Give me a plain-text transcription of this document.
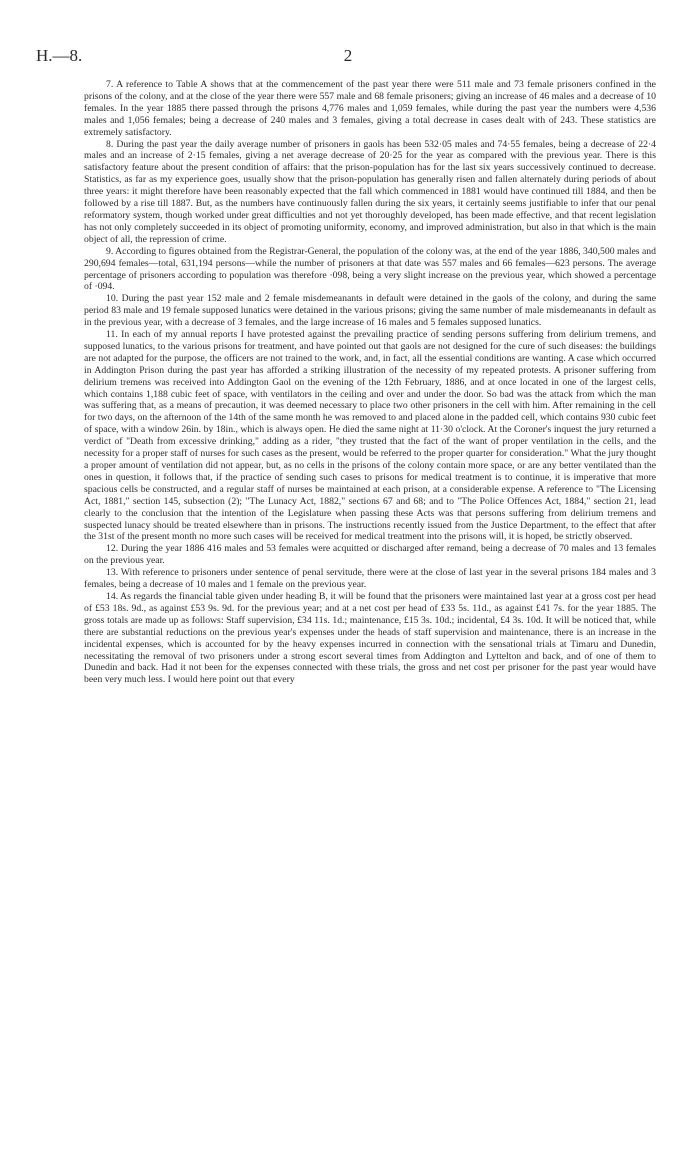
H.—8.	2

7. A reference to Table A shows that at the commencement of the past year there were 511 male and 73 female prisoners confined in the prisons of the colony, and at the close of the year there were 557 male and 68 female prisoners; giving an increase of 46 males and a decrease of 10 females. In the year 1885 there passed through the prisons 4,776 males and 1,059 females, while during the past year the numbers were 4,536 males and 1,056 females; being a decrease of 240 males and 3 females, giving a total decrease in cases dealt with of 243. These statistics are extremely satisfactory.

8. During the past year the daily average number of prisoners in gaols has been 532·05 males and 74·55 females, being a decrease of 22·4 males and an increase of 2·15 females, giving a net average decrease of 20·25 for the year as compared with the previous year. There is this satisfactory feature about the present condition of affairs: that the prison-population has for the last six years successively continued to decrease. Statistics, as far as my experience goes, usually show that the prison-population has generally risen and fallen alternately during periods of about three years: it might therefore have been reasonably expected that the fall which commenced in 1881 would have continued till 1884, and then be followed by a rise till 1887. But, as the numbers have continuously fallen during the six years, it certainly seems justifiable to infer that our penal reformatory system, though worked under great difficulties and not yet thoroughly developed, has been made effective, and that recent legislation has not only completely succeeded in its object of promoting uniformity, economy, and improved administration, but also in that which is the main object of all, the repression of crime.

9. According to figures obtained from the Registrar-General, the population of the colony was, at the end of the year 1886, 340,500 males and 290,694 females—total, 631,194 persons—while the number of prisoners at that date was 557 males and 66 females—623 persons. The average percentage of prisoners according to population was therefore ·098, being a very slight increase on the previous year, which showed a percentage of ·094.

10. During the past year 152 male and 2 female misdemeanants in default were detained in the gaols of the colony, and during the same period 83 male and 19 female supposed lunatics were detained in the various prisons; giving the same number of male misdemeanants in default as in the previous year, with a decrease of 3 females, and the large increase of 16 males and 5 females supposed lunatics.

11. In each of my annual reports I have protested against the prevailing practice of sending persons suffering from delirium tremens, and supposed lunatics, to the various prisons for treatment, and have pointed out that gaols are not designed for the cure of such diseases: the buildings are not adapted for the purpose, the officers are not trained to the work, and, in fact, all the essential conditions are wanting. A case which occurred in Addington Prison during the past year has afforded a striking illustration of the necessity of my repeated protests. A prisoner suffering from delirium tremens was received into Addington Gaol on the evening of the 12th February, 1886, and at once located in one of the largest cells, which contains 1,188 cubic feet of space, with ventilators in the ceiling and over and under the door. So bad was the attack from which the man was suffering that, as a means of precaution, it was deemed necessary to place two other prisoners in the cell with him. After remaining in the cell for two days, on the afternoon of the 14th of the same month he was removed to and placed alone in the padded cell, which contains 930 cubic feet of space, with a window 26in. by 18in., which is always open. He died the same night at 11·30 o'clock. At the Coroner's inquest the jury returned a verdict of "Death from excessive drinking," adding as a rider, "they trusted that the fact of the want of proper ventilation in the cells, and the necessity for a proper staff of nurses for such cases as the present, would be referred to the proper quarter for consideration." What the jury thought a proper amount of ventilation did not appear, but, as no cells in the prisons of the colony contain more space, or are any better ventilated than the ones in question, it follows that, if the practice of sending such cases to prisons for medical treatment is to continue, it is imperative that more spacious cells be constructed, and a regular staff of nurses be maintained at each prison, at a considerable expense. A reference to "The Licensing Act, 1881," section 145, subsection (2); "The Lunacy Act, 1882," sections 67 and 68; and to "The Police Offences Act, 1884," section 21, lead clearly to the conclusion that the intention of the Legislature when passing these Acts was that persons suffering from delirium tremens and suspected lunacy should be treated elsewhere than in prisons. The instructions recently issued from the Justice Department, to the effect that after the 31st of the present month no more such cases will be received for medical treatment into the prisons will, it is hoped, be strictly observed.

12. During the year 1886 416 males and 53 females were acquitted or discharged after remand, being a decrease of 70 males and 13 females on the previous year.

13. With reference to prisoners under sentence of penal servitude, there were at the close of last year in the several prisons 184 males and 3 females, being a decrease of 10 males and 1 female on the previous year.

14. As regards the financial table given under heading B, it will be found that the prisoners were maintained last year at a gross cost per head of £53 18s. 9d., as against £53 9s. 9d. for the previous year; and at a net cost per head of £33 5s. 11d., as against £41 7s. for the year 1885. The gross totals are made up as follows: Staff supervision, £34 11s. 1d.; maintenance, £15 3s. 10d.; incidental, £4 3s. 10d. It will be noticed that, while there are substantial reductions on the previous year's expenses under the heads of staff supervision and maintenance, there is an increase in the incidental expenses, which is accounted for by the heavy expenses incurred in connection with the sensational trials at Timaru and Dunedin, necessitating the removal of two prisoners under a strong escort several times from Addington and Lyttelton and back, and of one of them to Dunedin and back. Had it not been for the expenses connected with these trials, the gross and net cost per prisoner for the past year would have been very much less. I would here point out that every
